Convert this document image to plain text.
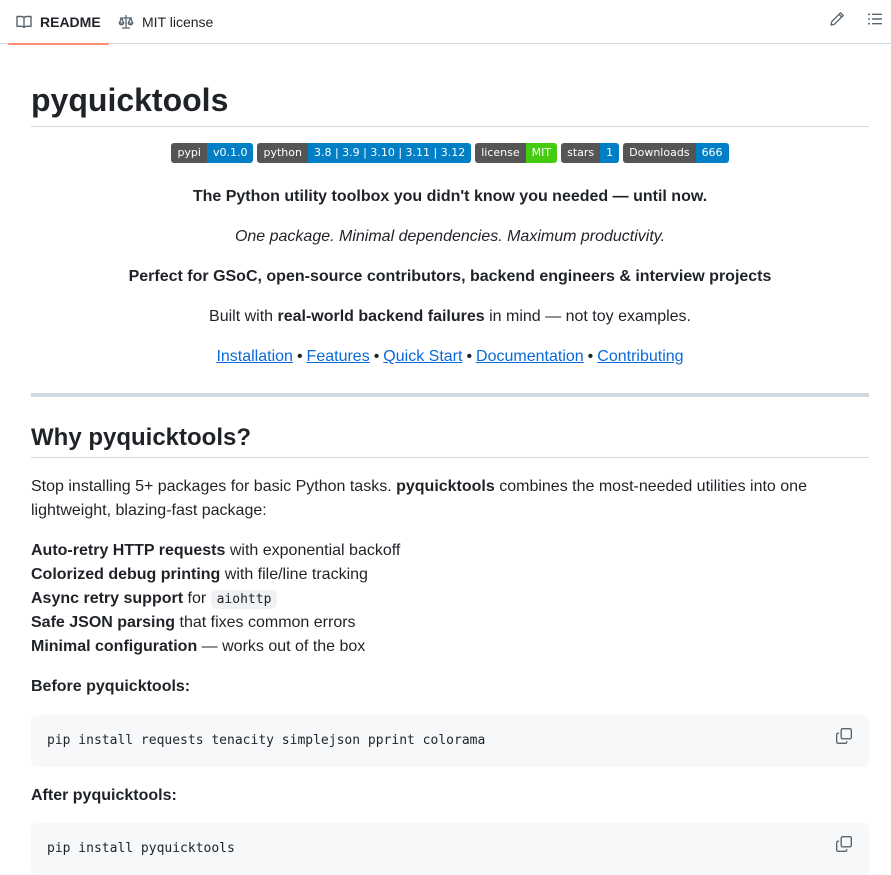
README	MIT license
pyquicktools
pypi	v0.1.0	python	3.8 | 3.9 | 3.10 | 3.11 | 3.12	license	MIT	stars	1	Downloads	666

The Python utility toolbox you didn't know you needed — until now.

One package. Minimal dependencies. Maximum productivity.

Perfect for GSoC, open-source contributors, backend engineers & interview projects

Built with real-world backend failures in mind — not toy examples.

Installation • Features • Quick Start • Documentation • Contributing

Why pyquicktools?

Stop installing 5+ packages for basic Python tasks. pyquicktools combines the most-needed utilities into one lightweight, blazing-fast package:

Auto-retry HTTP requests with exponential backoff
Colorized debug printing with file/line tracking
Async retry support for aiohttp
Safe JSON parsing that fixes common errors
Minimal configuration — works out of the box

Before pyquicktools:

pip install requests tenacity simplejson pprint colorama

After pyquicktools:

pip install pyquicktools
